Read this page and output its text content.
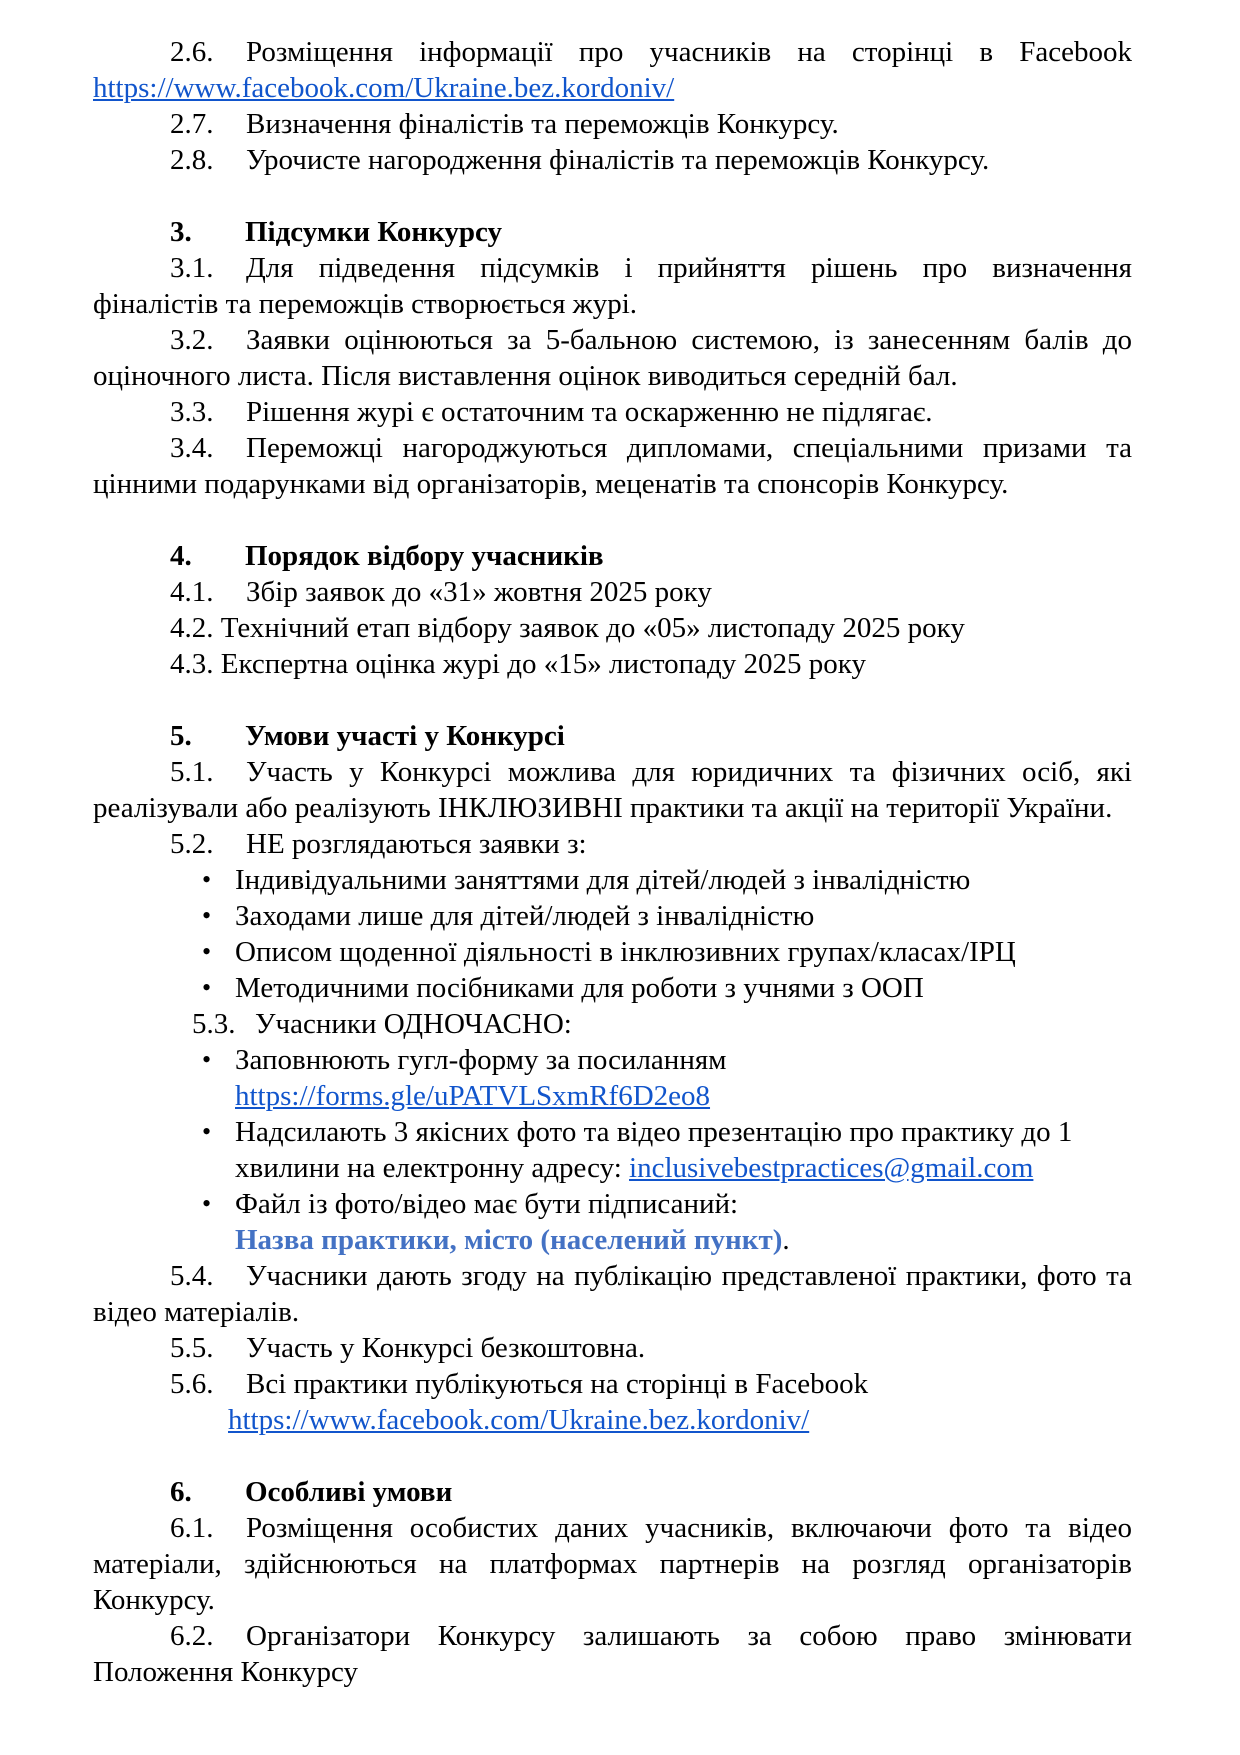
2.6. Розміщення інформації про учасників на сторінці в Facebook https://www.facebook.com/Ukraine.bez.kordoniv/

2.7. Визначення фіналістів та переможців Конкурсу.

2.8. Урочисте нагородження фіналістів та переможців Конкурсу.

3. Підсумки Конкурсу

3.1. Для підведення підсумків і прийняття рішень про визначення фіналістів та переможців створюється журі.

3.2. Заявки оцінюються за 5-бальною системою, із занесенням балів до оціночного листа. Після виставлення оцінок виводиться середній бал.

3.3. Рішення журі є остаточним та оскарженню не підлягає.

3.4. Переможці нагороджуються дипломами, спеціальними призами та цінними подарунками від організаторів, меценатів та спонсорів Конкурсу.

4. Порядок відбору учасників

4.1. Збір заявок до «31» жовтня 2025 року

4.2. Технічний етап відбору заявок до «05» листопаду 2025 року

4.3. Експертна оцінка журі до «15» листопаду 2025 року

5. Умови участі у Конкурсі

5.1. Участь у Конкурсі можлива для юридичних та фізичних осіб, які реалізували або реалізують ІНКЛЮЗИВНІ практики та акції на території України.

5.2. НЕ розглядаються заявки з:

• Індивідуальними заняттями для дітей/людей з інвалідністю
• Заходами лише для дітей/людей з інвалідністю
• Описом щоденної діяльності в інклюзивних групах/класах/ІРЦ
• Методичними посібниками для роботи з учнями з ООП

5.3. Учасники ОДНОЧАСНО:

• Заповнюють гугл-форму за посиланням
https://forms.gle/uPATVLSxmRf6D2eo8
• Надсилають 3 якісних фото та відео презентацію про практику до 1 хвилини на електронну адресу: inclusivebestpractices@gmail.com
• Файл із фото/відео має бути підписаний:
Назва практики, місто (населений пункт).

5.4. Учасники дають згоду на публікацію представленої практики, фото та відео матеріалів.

5.5. Участь у Конкурсі безкоштовна.

5.6. Всі практики публікуються на сторінці в Facebook

https://www.facebook.com/Ukraine.bez.kordoniv/

6. Особливі умови

6.1. Розміщення особистих даних учасників, включаючи фото та відео матеріали, здійснюються на платформах партнерів на розгляд організаторів Конкурсу.

6.2. Організатори Конкурсу залишають за собою право змінювати Положення Конкурсу
